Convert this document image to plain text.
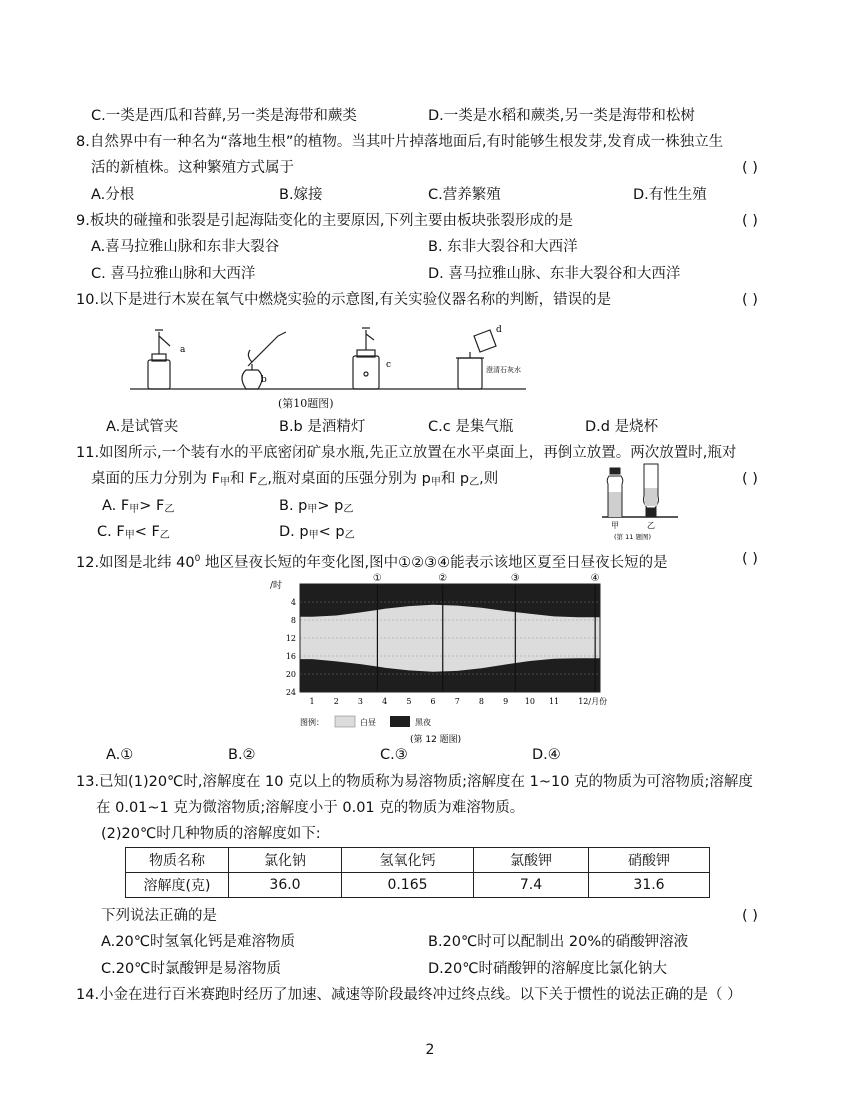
C.一类是西瓜和苔藓,另一类是海带和蕨类	D.一类是水稻和蕨类,另一类是海带和松树
8.自然界中有一种名为“落地生根”的植物。当其叶片掉落地面后,有时能够生根发芽,发育成一株独立生
活的新植株。这种繁殖方式属于	( )
A.分根	B.嫁接	C.营养繁殖	D.有性生殖
9.板块的碰撞和张裂是引起海陆变化的主要原因,下列主要由板块张裂形成的是	( )
A.喜马拉雅山脉和东非大裂谷	B. 东非大裂谷和大西洋
C. 喜马拉雅山脉和大西洋	D. 喜马拉雅山脉、东非大裂谷和大西洋
10.以下是进行木炭在氧气中燃烧实验的示意图,有关实验仪器名称的判断，错误的是	( )
a
b
c
d
澄清石灰水
(第10题图)
A.是试管夹	B.b 是酒精灯	C.c 是集气瓶	D.d 是烧杯
11.如图所示,一个装有水的平底密闭矿泉水瓶,先正立放置在水平桌面上，再倒立放置。两次放置时,瓶对
桌面的压力分别为 $F_甲$和 $F_乙$,瓶对桌面的压强分别为 $p_甲$和 $p_乙$,则	( )
A. $F_甲> F_乙$	B. $p_甲> p_乙$
C. $F_甲< F_乙$	D. $p_甲< p_乙$
甲	乙
(第 11 题图)
12.如图是北纬 $40^0$ 地区昼夜长短的年变化图,图中①②③④能表示该地区夏至日昼夜长短的是	( )
/时
4
8
12
16
20
24
①	②	③	④
1 2 3 4 5 6 7 8 9 10 11 12/月份
图例：	白昼	黑夜
(第 12 题图)
A.①	B.②	C.③	D.④
13.已知(1)20℃时,溶解度在 10 克以上的物质称为易溶物质;溶解度在 1~10 克的物质为可溶物质;溶解度
在 0.01~1 克为微溶物质;溶解度小于 0.01 克的物质为难溶物质。
(2)20℃时几种物质的溶解度如下:
物质名称	氯化钠	氢氧化钙	氯酸钾	硝酸钾
溶解度(克)	36.0	0.165	7.4	31.6
下列说法正确的是	( )
A.20℃时氢氧化钙是难溶物质	B.20℃时可以配制出 20%的硝酸钾溶液
C.20℃时氯酸钾是易溶物质	D.20℃时硝酸钾的溶解度比氯化钠大
14.小金在进行百米赛跑时经历了加速、减速等阶段最终冲过终点线。以下关于惯性的说法正确的是（ ）
2
